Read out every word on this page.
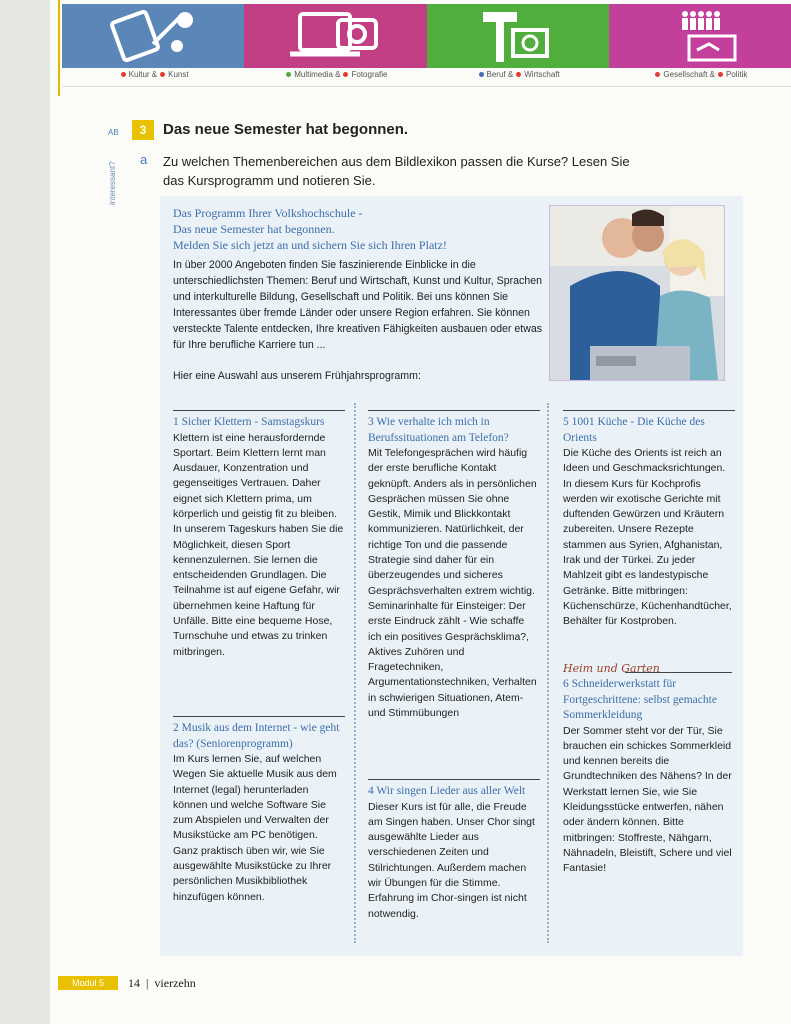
Kultur & Kunst	Multimedia & Fotografie	Beruf & Wirtschaft	Gesellschaft & Politik
AB	3	Das neue Semester hat begonnen.
interessant?
a Zu welchen Themenbereichen aus dem Bildlexikon passen die Kurse? Lesen Sie das Kursprogramm und notieren Sie.
Das Programm Ihrer Volkshochschule -
Das neue Semester hat begonnen.
Melden Sie sich jetzt an und sichern Sie sich Ihren Platz!
In über 2000 Angeboten finden Sie faszinierende Einblicke in die unterschiedlichsten Themen: Beruf und Wirtschaft, Kunst und Kultur, Sprachen und interkulturelle Bildung, Gesellschaft und Politik. Bei uns können Sie Interessantes über fremde Länder oder unsere Region erfahren. Sie können versteckte Talente entdecken, Ihre kreativen Fähigkeiten ausbauen oder etwas für Ihre berufliche Karriere tun ...
Hier eine Auswahl aus unserem Frühjahrsprogramm:
1 Sicher Klettern - Samstagskurs
Klettern ist eine herausfordernde Sportart. Beim Klettern lernt man Ausdauer, Konzentration und gegenseitiges Vertrauen. Daher eignet sich Klettern prima, um körperlich und geistig fit zu bleiben. In unserem Tageskurs haben Sie die Möglichkeit, diesen Sport kennenzulernen. Sie lernen die entscheidenden Grundlagen. Die Teilnahme ist auf eigene Gefahr, wir übernehmen keine Haftung für Unfälle. Bitte eine bequeme Hose, Turnschuhe und etwas zu trinken mitbringen.
2 Musik aus dem Internet - wie geht das? (Seniorenprogramm)
Im Kurs lernen Sie, auf welchen Wegen Sie aktuelle Musik aus dem Internet (legal) herunterladen können und welche Software Sie zum Abspielen und Verwalten der Musikstücke am PC benötigen. Ganz praktisch üben wir, wie Sie ausgewählte Musikstücke zu Ihrer persönlichen Musikbibliothek hinzufügen können.
3 Wie verhalte ich mich in Berufssituationen am Telefon?
Mit Telefongesprächen wird häufig der erste berufliche Kontakt geknüpft. Anders als in persönlichen Gesprächen müssen Sie ohne Gestik, Mimik und Blickkontakt kommunizieren. Natürlichkeit, der richtige Ton und die passende Strategie sind daher für ein überzeugendes und sicheres Gesprächsverhalten extrem wichtig. Seminarinhalte für Einsteiger: Der erste Eindruck zählt - Wie schaffe ich ein positives Gesprächsklima?, Aktives Zuhören und Fragetechniken, Argumentationstechniken, Verhalten in schwierigen Situationen, Atem- und Stimmübungen
4 Wir singen Lieder aus aller Welt
Dieser Kurs ist für alle, die Freude am Singen haben. Unser Chor singt ausgewählte Lieder aus verschiedenen Zeiten und Stilrichtungen. Außerdem machen wir Übungen für die Stimme. Erfahrung im Chor-singen ist nicht notwendig.
5 1001 Küche - Die Küche des Orients
Die Küche des Orients ist reich an Ideen und Geschmacksrichtungen. In diesem Kurs für Kochprofis werden wir exotische Gerichte mit duftenden Gewürzen und Kräutern zubereiten. Unsere Rezepte stammen aus Syrien, Afghanistan, Irak und der Türkei. Zu jeder Mahlzeit gibt es landestypische Getränke. Bitte mitbringen: Küchenschürze, Küchenhandtücher, Behälter für Kostproben.
Heim und Garten
6 Schneiderwerkstatt für Fortgeschrittene: selbst gemachte Sommerkleidung
Der Sommer steht vor der Tür, Sie brauchen ein schickes Sommerkleid und kennen bereits die Grundtechniken des Nähens? In der Werkstatt lernen Sie, wie Sie Kleidungsstücke entwerfen, nähen oder ändern können. Bitte mitbringen: Stoffreste, Nähgarn, Nähnadeln, Bleistift, Schere und viel Fantasie!
Modul 5	14 | vierzehn
